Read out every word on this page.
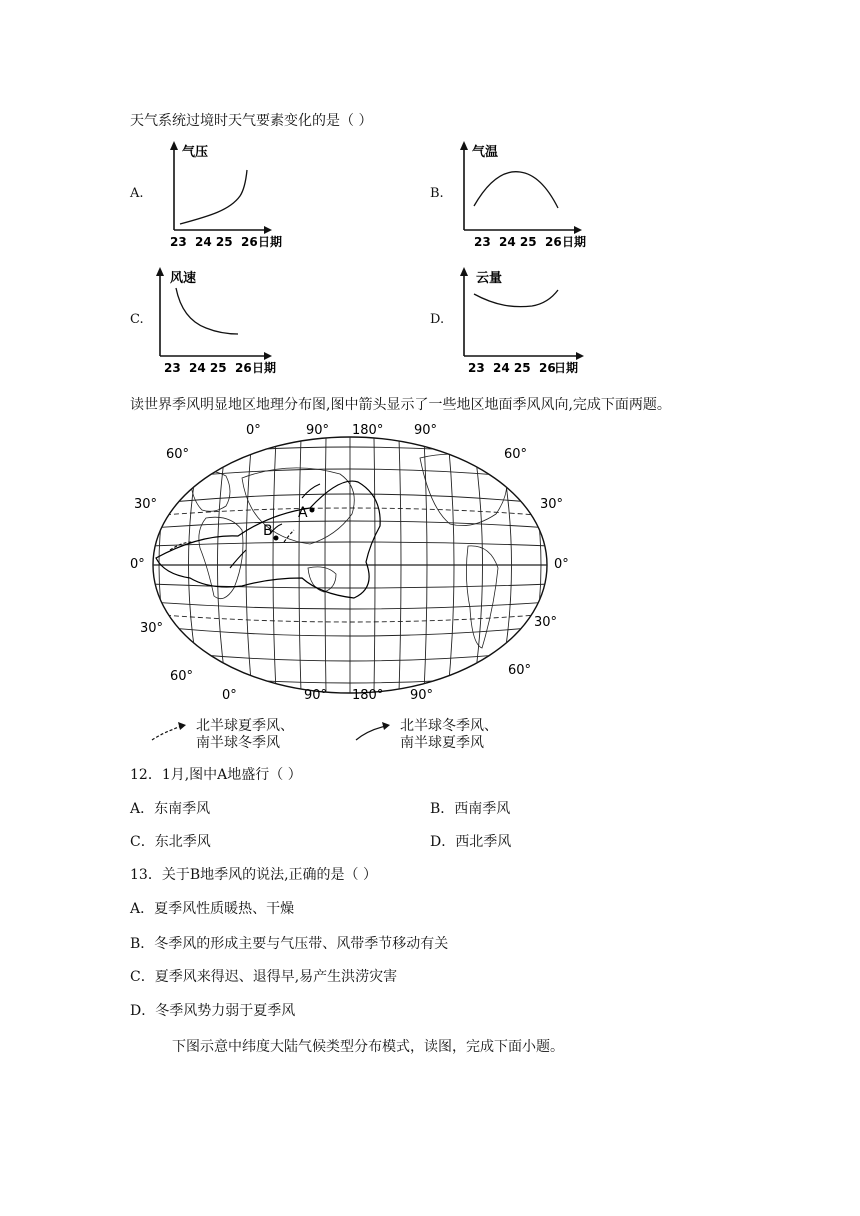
天气系统过境时天气要素变化的是（ ）
A.
气压
23  24 25  26 日期
B.
气温
23  24 25  26 日期
C.
风速
23  24 25  26 日期
D.
云量
23  24 25  26
日期
读世界季风明显地区地理分布图,图中箭头显示了一些地区地面季风风向,完成下面两题。
A
B
0°	90° 180° 90°
0°	90° 180° 90°
60°
30°
0°
30°
60°
60°
30°
0°
30°
60°
北半球夏季风、
南半球冬季风
北半球冬季风、
南半球夏季风
12．1月,图中A地盛行（ ）
A．东南季风	B．西南季风
C．东北季风	D．西北季风
13．关于B地季风的说法,正确的是（ ）
A．夏季风性质暖热、干燥
B．冬季风的形成主要与气压带、风带季节移动有关
C．夏季风来得迟、退得早,易产生洪涝灾害
D．冬季风势力弱于夏季风
下图示意中纬度大陆气候类型分布模式，读图，完成下面小题。
